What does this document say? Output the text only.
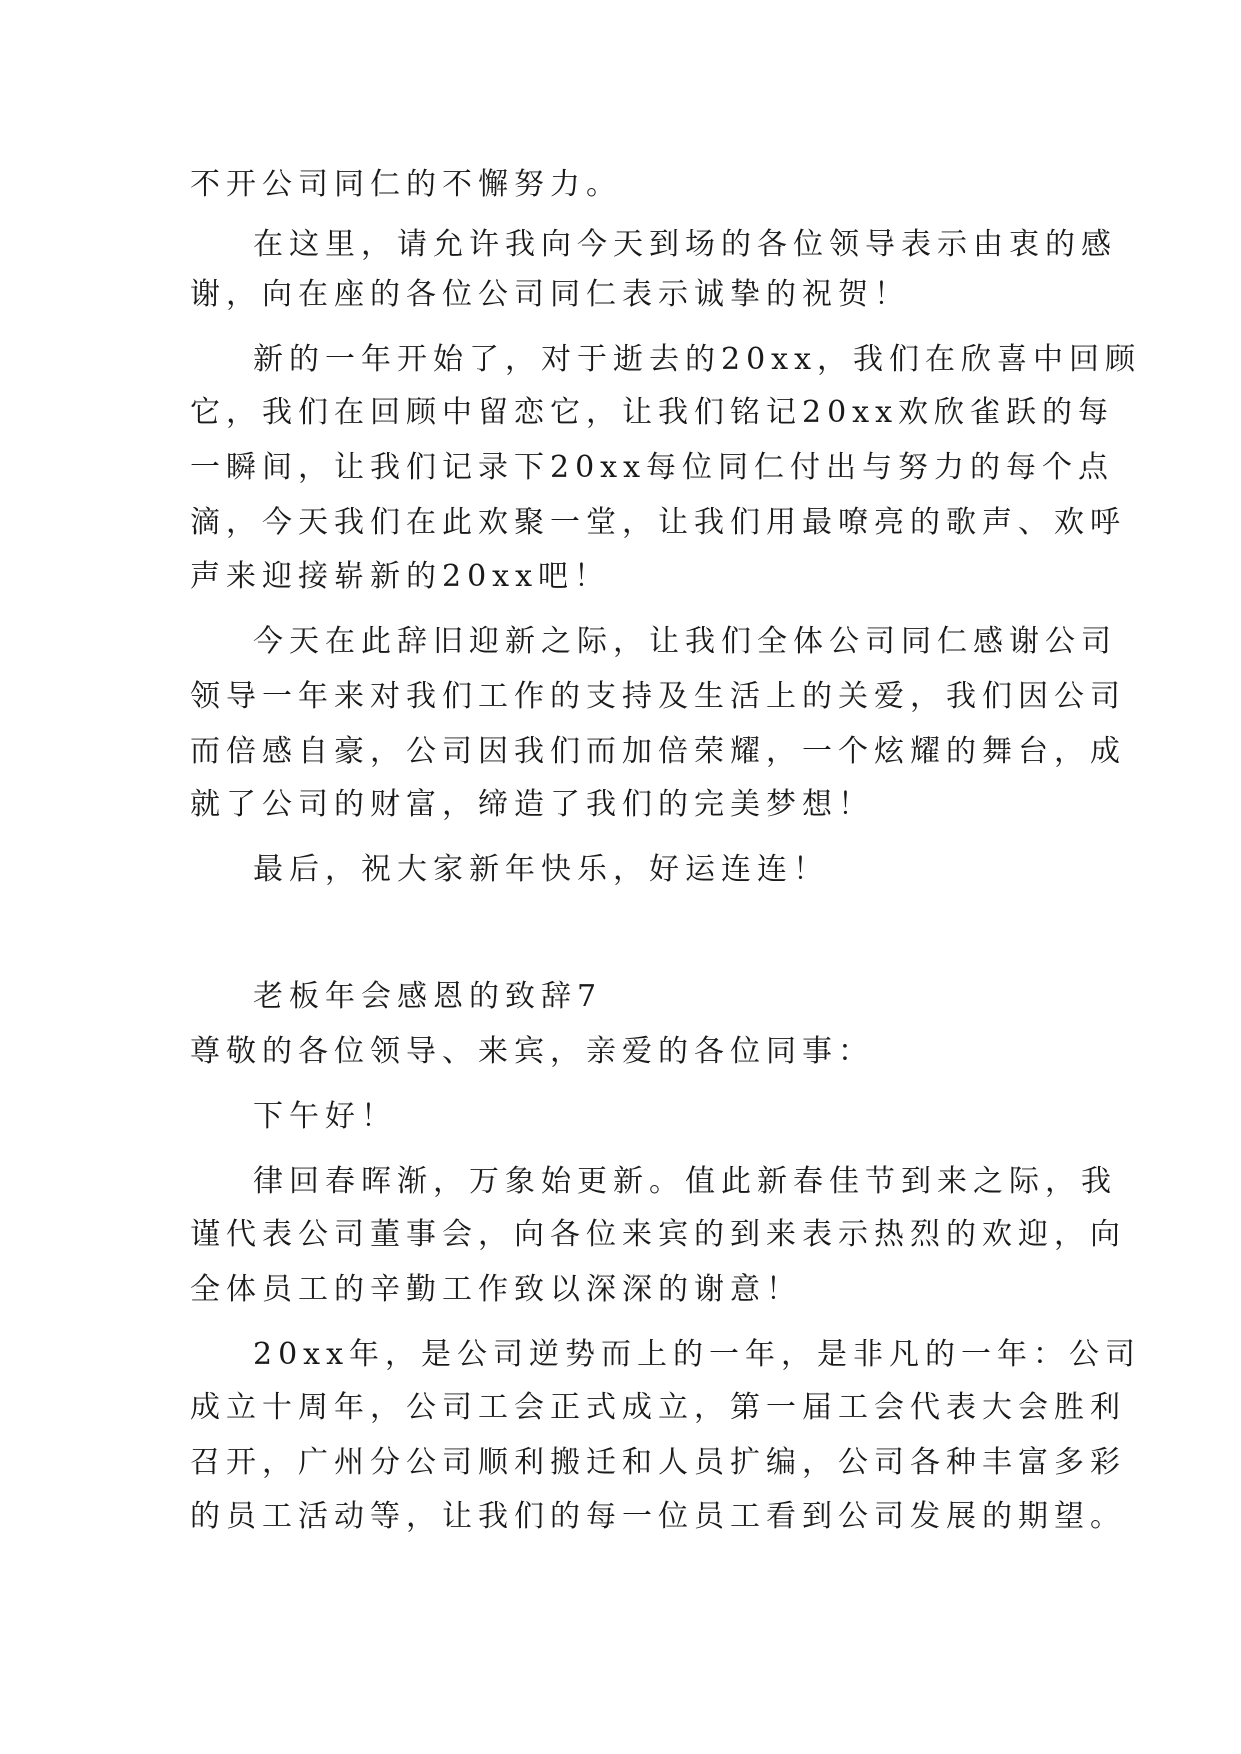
不开公司同仁的不懈努力。
在这里，请允许我向今天到场的各位领导表示由衷的感
谢，向在座的各位公司同仁表示诚挚的祝贺！
新的一年开始了，对于逝去的20xx，我们在欣喜中回顾
它，我们在回顾中留恋它，让我们铭记20xx欢欣雀跃的每
一瞬间，让我们记录下20xx每位同仁付出与努力的每个点
滴，今天我们在此欢聚一堂，让我们用最嘹亮的歌声、欢呼
声来迎接崭新的20xx吧！
今天在此辞旧迎新之际，让我们全体公司同仁感谢公司
领导一年来对我们工作的支持及生活上的关爱，我们因公司
而倍感自豪，公司因我们而加倍荣耀，一个炫耀的舞台，成
就了公司的财富，缔造了我们的完美梦想！
最后，祝大家新年快乐，好运连连！
老板年会感恩的致辞7
尊敬的各位领导、来宾，亲爱的各位同事：
下午好！
律回春晖渐，万象始更新。值此新春佳节到来之际，我
谨代表公司董事会，向各位来宾的到来表示热烈的欢迎，向
全体员工的辛勤工作致以深深的谢意！
20xx年，是公司逆势而上的一年，是非凡的一年：公司
成立十周年，公司工会正式成立，第一届工会代表大会胜利
召开，广州分公司顺利搬迁和人员扩编，公司各种丰富多彩
的员工活动等，让我们的每一位员工看到公司发展的期望。
